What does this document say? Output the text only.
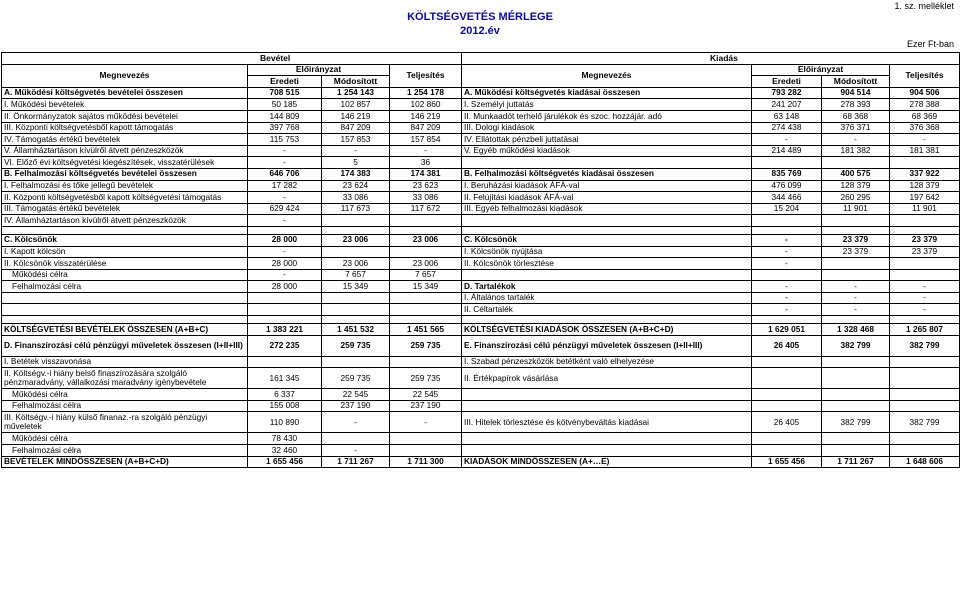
1. sz. melléklet
KÖLTSÉGVETÉS MÉRLEGE
2012.év
Ezer Ft-ban
Bevétel				Kiadás			
Megnevezés	Előirányzat		Teljesítés	Megnevezés	Előirányzat		Teljesítés
	Eredeti	Módosított			Eredeti	Módosított	
A. Működési költségvetés bevételei összesen	708 515	1 254 143	1 254 178	A. Működési költségvetés kiadásai összesen	793 282	904 514	904 506
I. Működési bevételek	50 185	102 857	102 860	I. Személyi juttatás	241 207	278 393	278 388
II. Önkormányzatok sajátos működési bevételei	144 809	146 219	146 219	II. Munkaadót terhelő járulékok és szoc. hozzájár. adó	63 148	68 368	68 369
III. Központi költségvetésből kapott támogatás	397 768	847 209	847 209	III. Dologi kiadások	274 438	376 371	376 368
IV. Támogatás értékű bevételek	115 753	157 853	157 854	IV. Ellátottak pénzbeli juttatásai	-	-	-
V. Államháztartáson kívülről átvett pénzeszközök	-	-	-	V. Egyéb működési kiadások	214 489	181 382	181 381
VI. Előző évi költségvetési kiegészítések, visszatérülések	-	5	36				
B. Felhalmozási költségvetés bevételei összesen	646 706	174 383	174 381	B. Felhalmozási költségvetés kiadásai összesen	835 769	400 575	337 922
I. Felhalmozási és tőke jellegű bevételek	17 282	23 624	23 623	I. Beruházási kiadások ÁFÁ-val	476 099	128 379	128 379
II. Központi költségvetésből kapott költségvetési támogatás	-	33 086	33 086	II. Felújítási kiadások ÁFÁ-val	344 466	260 295	197 642
III. Támogatás értékű bevételek	629 424	117 673	117 672	III. Egyéb felhalmozási kiadások	15 204	11 901	11 901
IV. Államháztartáson kívülről átvett pénzeszközök	-						

C. Kölcsönök	28 000	23 006	23 006	C. Kölcsönök	-	23 379	23 379
I. Kapott kölcsön	-			I. Kölcsönök nyújtása	-	23 379	23 379
II. Kölcsönök visszatérülése	28 000	23 006	23 006	II. Kölcsönök törlesztése	-		
Működési célra	-	7 657	7 657				
Felhalmozási célra	28 000	15 349	15 349	D. Tartalékok	-	-	-
				I. Általános tartalék	-	-	-
				II. Céltartalék	-	-	-

KÖLTSÉGVETÉSI BEVÉTELEK ÖSSZESEN (A+B+C)	1 383 221	1 451 532	1 451 565	KÖLTSÉGVETÉSI KIADÁSOK ÖSSZESEN (A+B+C+D)	1 629 051	1 328 468	1 265 807
D. Finanszírozási célú pénzügyi műveletek összesen (I+II+III)	272 235	259 735	259 735	E. Finanszírozási célú pénzügyi műveletek összesen (I+II+III)	26 405	382 799	382 799
I. Betétek visszavonása				I. Szabad pénzeszközök betétként való elhelyezése			
II. Költségv.-i hiány belső finaszírozására szolgáló pénzmaradvány, vállalkozási maradvány igénybevétele	161 345	259 735	259 735	II. Értékpapírok vásárlása			
Működési célra	6 337	22 545	22 545				
Felhalmozási célra	155 008	237 190	237 190				
III. Költségv.-i hiány külső finanaz.-ra szolgáló pénzügyi műveletek	110 890	-	-	III. Hitelek törlesztése és kötvénybeváltás kiadásai	26 405	382 799	382 799
Működési célra	78 430						
Felhalmozási célra	32 460	-					
BEVÉTELEK MINDÖSSZESEN (A+B+C+D)	1 655 456	1 711 267	1 711 300	KIADÁSOK MINDÖSSZESEN (A+…E)	1 655 456	1 711 267	1 648 606
